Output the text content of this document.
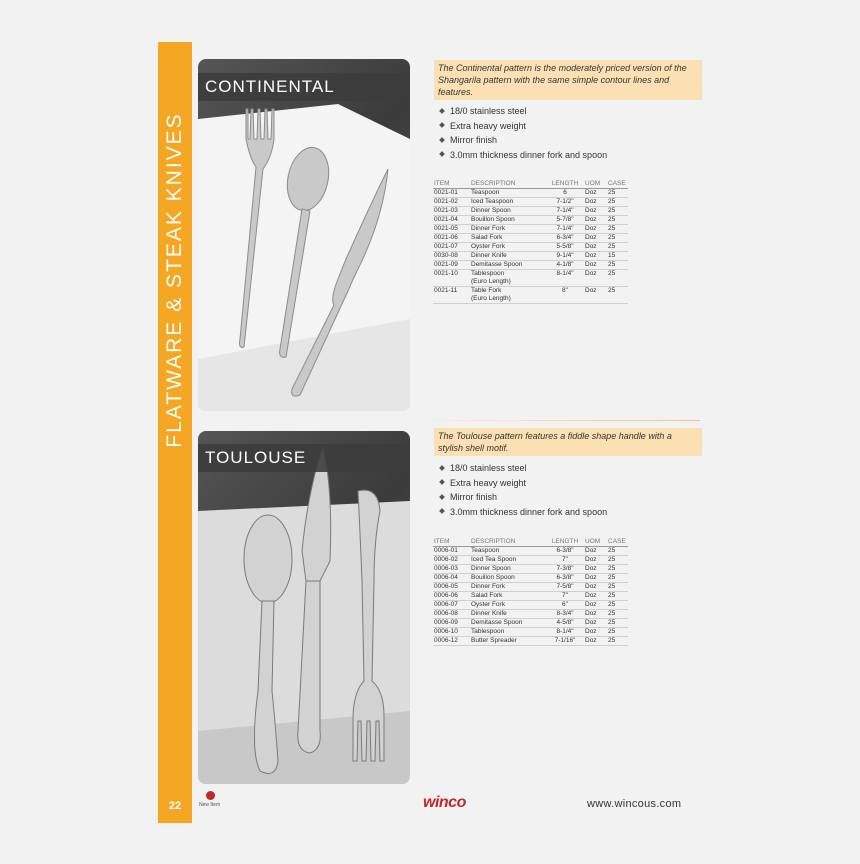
FLATWARE & STEAK KNIVES
22
CONTINENTAL
The Continental pattern is the moderately priced version of the Shangarila pattern with the same simple contour lines and features.
18/0 stainless steel
Extra heavy weight
Mirror finish
3.0mm thickness dinner fork and spoon
ITEM	DESCRIPTION	LENGTH	UOM	CASE
0021-01	Teaspoon	6	Doz	25
0021-02	Iced Teaspoon	7-1/2"	Doz	25
0021-03	Dinner Spoon	7-1/4"	Doz	25
0021-04	Bouillon Spoon	5-7/8"	Doz	25
0021-05	Dinner Fork	7-1/4"	Doz	25
0021-06	Salad Fork	6-3/4"	Doz	25
0021-07	Oyster Fork	5-5/8"	Doz	25
0030-08	Dinner Knife	9-1/4"	Doz	15
0021-09	Demitasse Spoon	4-1/8"	Doz	25
0021-10	Tablespoon
(Euro Length)	8-1/4"	Doz	25
0021-11	Table Fork
(Euro Length)	8"	Doz	25
TOULOUSE
The Toulouse pattern features a fiddle shape handle with a stylish shell motif.
18/0 stainless steel
Extra heavy weight
Mirror finish
3.0mm thickness dinner fork and spoon
ITEM	DESCRIPTION	LENGTH	UOM	CASE
0006-01	Teaspoon	6-3/8"	Doz	25
0006-02	Iced Tea Spoon	7"	Doz	25
0006-03	Dinner Spoon	7-3/8"	Doz	25
0006-04	Bouillon Spoon	6-3/8"	Doz	25
0006-05	Dinner Fork	7-5/8"	Doz	25
0006-06	Salad Fork	7"	Doz	25
0006-07	Oyster Fork	6"	Doz	25
0006-08	Dinner Knife	8-3/4"	Doz	25
0006-09	Demitasse Spoon	4-5/8"	Doz	25
0006-10	Tablespoon	8-1/4"	Doz	25
0006-12	Butter Spreader	7-1/16"	Doz	25
New Item	winco	www.wincous.com
